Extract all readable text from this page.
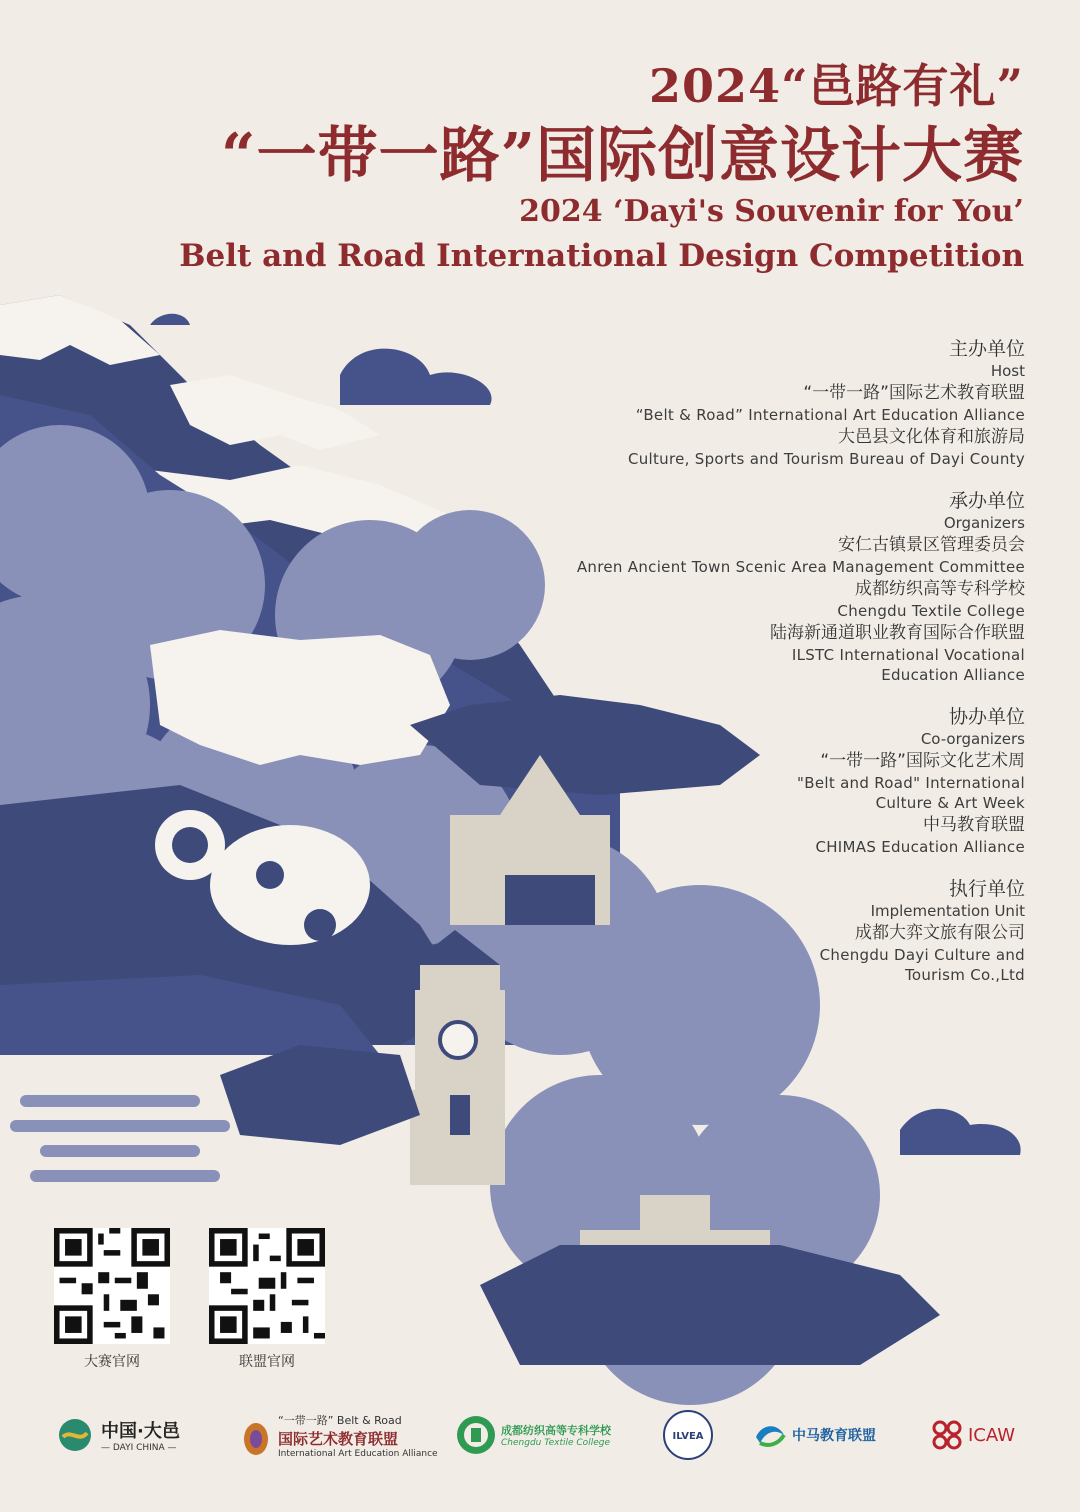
2024“邑路有礼”
“一带一路”国际创意设计大赛
2024 ‘Dayi's Souvenir for You’
Belt and Road International Design Competition
主办单位
Host
“一带一路”国际艺术教育联盟
“Belt & Road” International Art Education Alliance
大邑县文化体育和旅游局
Culture, Sports and Tourism Bureau of Dayi County
承办单位
Organizers
安仁古镇景区管理委员会
Anren Ancient Town Scenic Area Management Committee
成都纺织高等专科学校
Chengdu Textile College
陆海新通道职业教育国际合作联盟
ILSTC International Vocational
Education Alliance
协办单位
Co-organizers
“一带一路”国际文化艺术周
"Belt and Road" International
Culture & Art Week
中马教育联盟
CHIMAS Education Alliance
执行单位
Implementation Unit
成都大弈文旅有限公司
Chengdu Dayi Culture and
Tourism Co.,Ltd
大赛官网	联盟官网
中国·大邑
— DAYI CHINA —
“一带一路” Belt & Road
国际艺术教育联盟
International Art Education Alliance
成都纺织高等专科学校
Chengdu Textile College
ILVEA	中马教育联盟	ICAW
